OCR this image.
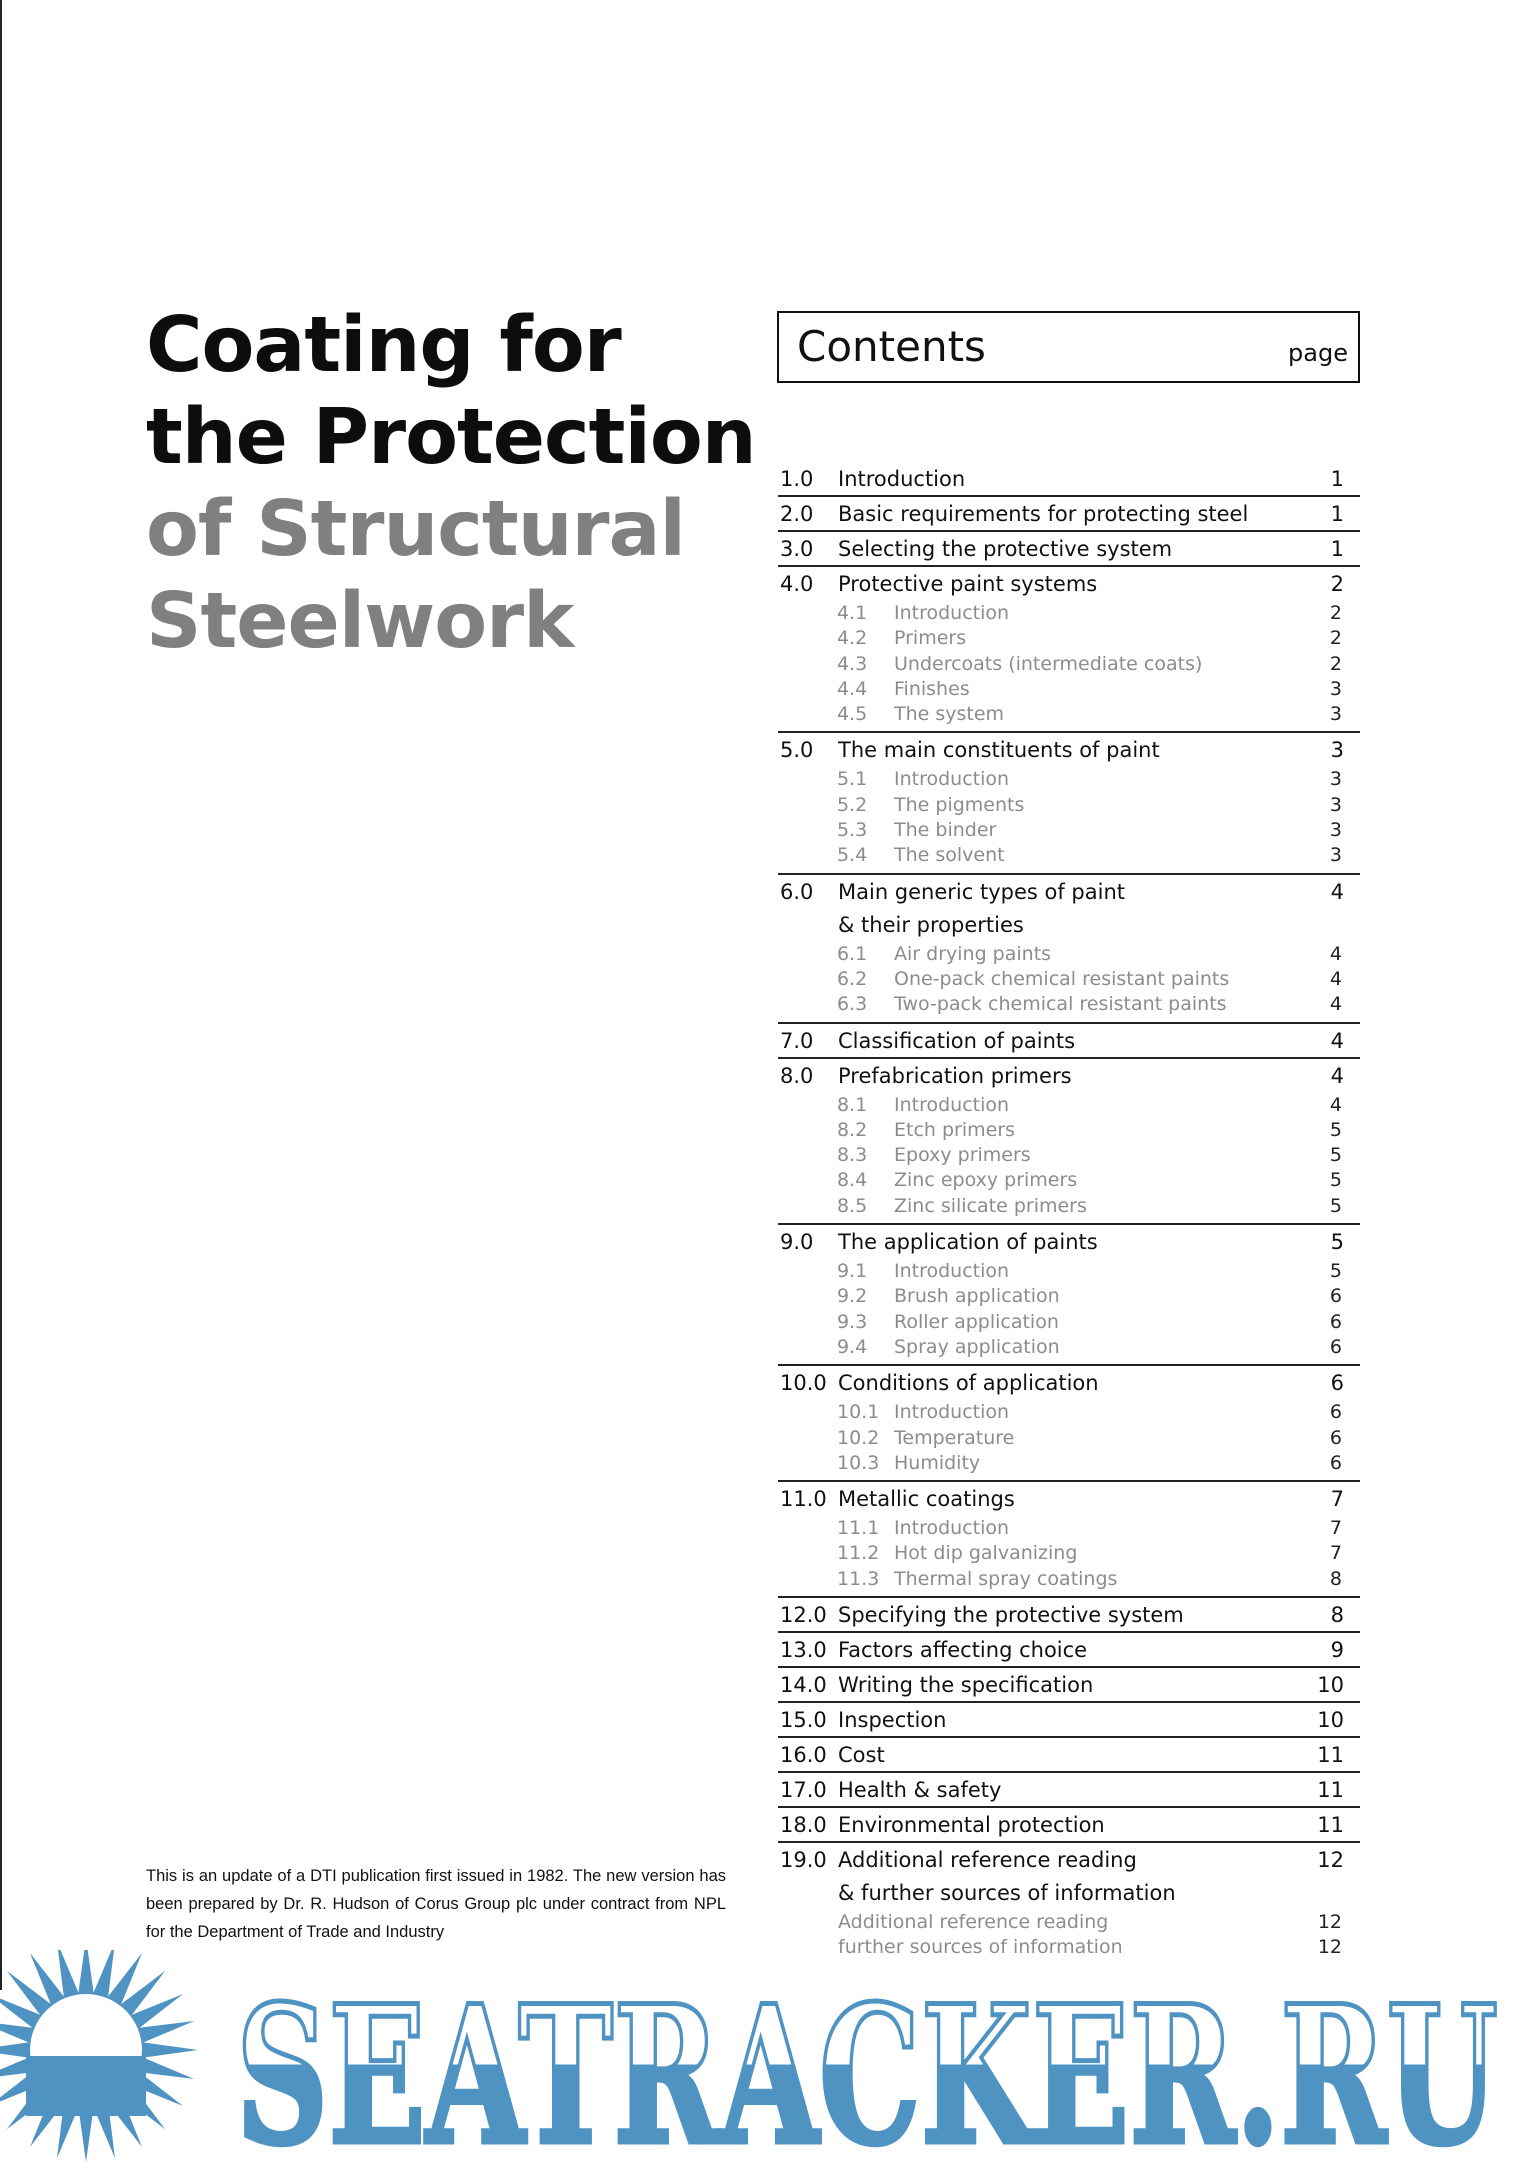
Coating for
the Protection
of Structural
Steelwork
Contents	page
1.0 Introduction	1
2.0 Basic requirements for protecting steel	1
3.0 Selecting the protective system	1
4.0 Protective paint systems	2
4.1 Introduction	2
4.2 Primers	2
4.3 Undercoats (intermediate coats)	2
4.4 Finishes	3
4.5 The system	3
5.0 The main constituents of paint	3
5.1 Introduction	3
5.2 The pigments	3
5.3 The binder	3
5.4 The solvent	3
6.0 Main generic types of paint	4
& their properties
6.1 Air drying paints	4
6.2 One-pack chemical resistant paints	4
6.3 Two-pack chemical resistant paints	4
7.0 Classification of paints	4
8.0 Prefabrication primers	4
8.1 Introduction	4
8.2 Etch primers	5
8.3 Epoxy primers	5
8.4 Zinc epoxy primers	5
8.5 Zinc silicate primers	5
9.0 The application of paints	5
9.1 Introduction	5
9.2 Brush application	6
9.3 Roller application	6
9.4 Spray application	6
10.0 Conditions of application	6
10.1 Introduction	6
10.2 Temperature	6
10.3 Humidity	6
11.0 Metallic coatings	7
11.1 Introduction	7
11.2 Hot dip galvanizing	7
11.3 Thermal spray coatings	8
12.0 Specifying the protective system	8
13.0 Factors affecting choice	9
14.0 Writing the specification	10
15.0 Inspection	10
16.0 Cost	11
17.0 Health & safety	11
18.0 Environmental protection	11
19.0 Additional reference reading	12
& further sources of information
Additional reference reading	12
further sources of information	12
This is an update of a DTI publication first issued in 1982. The new version has been prepared by Dr. R. Hudson of Corus Group plc under contract from NPL for the Department of Trade and Industry
SEATRACKER.RU
